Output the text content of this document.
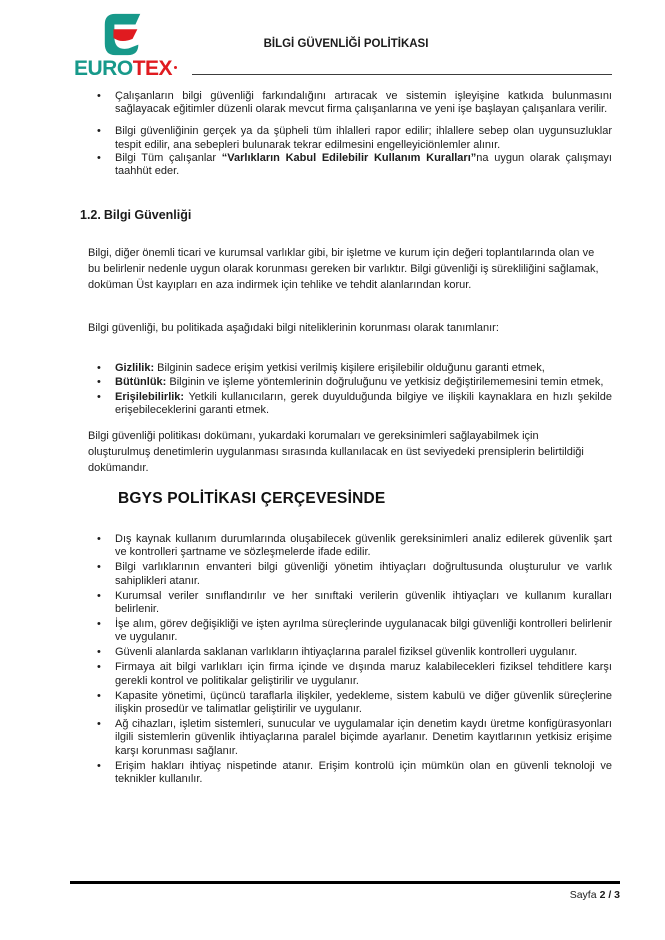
EUROTEX
BİLGİ GÜVENLİĞİ POLİTİKASI
• Çalışanların bilgi güvenliği farkındalığını artıracak ve sistemin işleyişine katkıda bulunmasını sağlayacak eğitimler düzenli olarak mevcut firma çalışanlarına ve yeni işe başlayan çalışanlara verilir.
• Bilgi güvenliğinin gerçek ya da şüpheli tüm ihlalleri rapor edilir; ihlallere sebep olan uygunsuzluklar tespit edilir, ana sebepleri bulunarak tekrar edilmesini engelleyiciönlemler alınır.
• Bilgi Tüm çalışanlar “Varlıkların Kabul Edilebilir Kullanım Kuralları”na uygun olarak çalışmayı taahhüt eder.
1.2. Bilgi Güvenliği

Bilgi, diğer önemli ticari ve kurumsal varlıklar gibi, bir işletme ve kurum için değeri toplantılarında olan ve bu belirlenir nedenle uygun olarak korunması gereken bir varlıktır. Bilgi güvenliği iş sürekliliğini sağlamak, doküman Üst kayıpları en aza indirmek için tehlike ve tehdit alanlarından korur.

Bilgi güvenliği, bu politikada aşağıdaki bilgi niteliklerinin korunması olarak tanımlanır:

• Gizlilik: Bilginin sadece erişim yetkisi verilmiş kişilere erişilebilir olduğunu garanti etmek,
• Bütünlük: Bilginin ve işleme yöntemlerinin doğruluğunu ve yetkisiz değiştirilememesini temin etmek,
• Erişilebilirlik: Yetkili kullanıcıların, gerek duyulduğunda bilgiye ve ilişkili kaynaklara en hızlı şekilde erişebileceklerini garanti etmek.

Bilgi güvenliği politikası dokümanı, yukardaki korumaları ve gereksinimleri sağlayabilmek için oluşturulmuş denetimlerin uygulanması sırasında kullanılacak en üst seviyedeki prensiplerin belirtildiği dokümandır.

BGYS POLİTİKASI ÇERÇEVESİNDE
• Dış kaynak kullanım durumlarında oluşabilecek güvenlik gereksinimleri analiz edilerek güvenlik şart ve kontrolleri şartname ve sözleşmelerde ifade edilir.
• Bilgi varlıklarının envanteri bilgi güvenliği yönetim ihtiyaçları doğrultusunda oluşturulur ve varlık sahiplikleri atanır.
• Kurumsal veriler sınıflandırılır ve her sınıftaki verilerin güvenlik ihtiyaçları ve kullanım kuralları belirlenir.
• İşe alım, görev değişikliği ve işten ayrılma süreçlerinde uygulanacak bilgi güvenliği kontrolleri belirlenir ve uygulanır.
• Güvenli alanlarda saklanan varlıkların ihtiyaçlarına paralel fiziksel güvenlik kontrolleri uygulanır.
• Firmaya ait bilgi varlıkları için firma içinde ve dışında maruz kalabilecekleri fiziksel tehditlere karşı gerekli kontrol ve politikalar geliştirilir ve uygulanır.
• Kapasite yönetimi, üçüncü taraflarla ilişkiler, yedekleme, sistem kabulü ve diğer güvenlik süreçlerine ilişkin prosedür ve talimatlar geliştirilir ve uygulanır.
• Ağ cihazları, işletim sistemleri, sunucular ve uygulamalar için denetim kaydı üretme konfigürasyonları ilgili sistemlerin güvenlik ihtiyaçlarına paralel biçimde ayarlanır. Denetim kayıtlarının yetkisiz erişime karşı korunması sağlanır.
• Erişim hakları ihtiyaç nispetinde atanır. Erişim kontrolü için mümkün olan en güvenli teknoloji ve teknikler kullanılır.
Sayfa 2 / 3
